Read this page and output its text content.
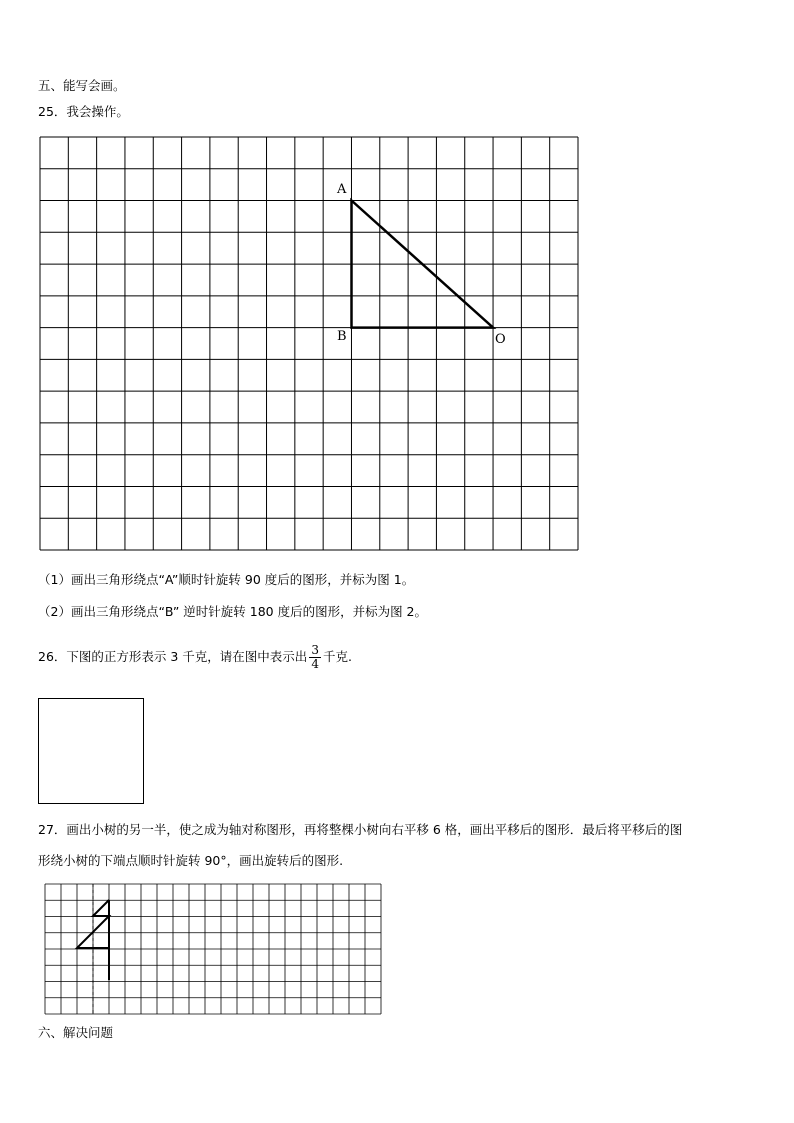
五、能写会画。
25．我会操作。
A
B	O
（1）画出三角形绕点“A”顺时针旋转 90 度后的图形，并标为图 1。
（2）画出三角形绕点“B” 逆时针旋转 180 度后的图形，并标为图 2。
26．下图的正方形表示 3 千克，请在图中表示出 $\frac{3}{4}$ 千克.
27．画出小树的另一半，使之成为轴对称图形，再将整棵小树向右平移 6 格，画出平移后的图形．最后将平移后的图
形绕小树的下端点顺时针旋转 90°，画出旋转后的图形.
六、解决问题
